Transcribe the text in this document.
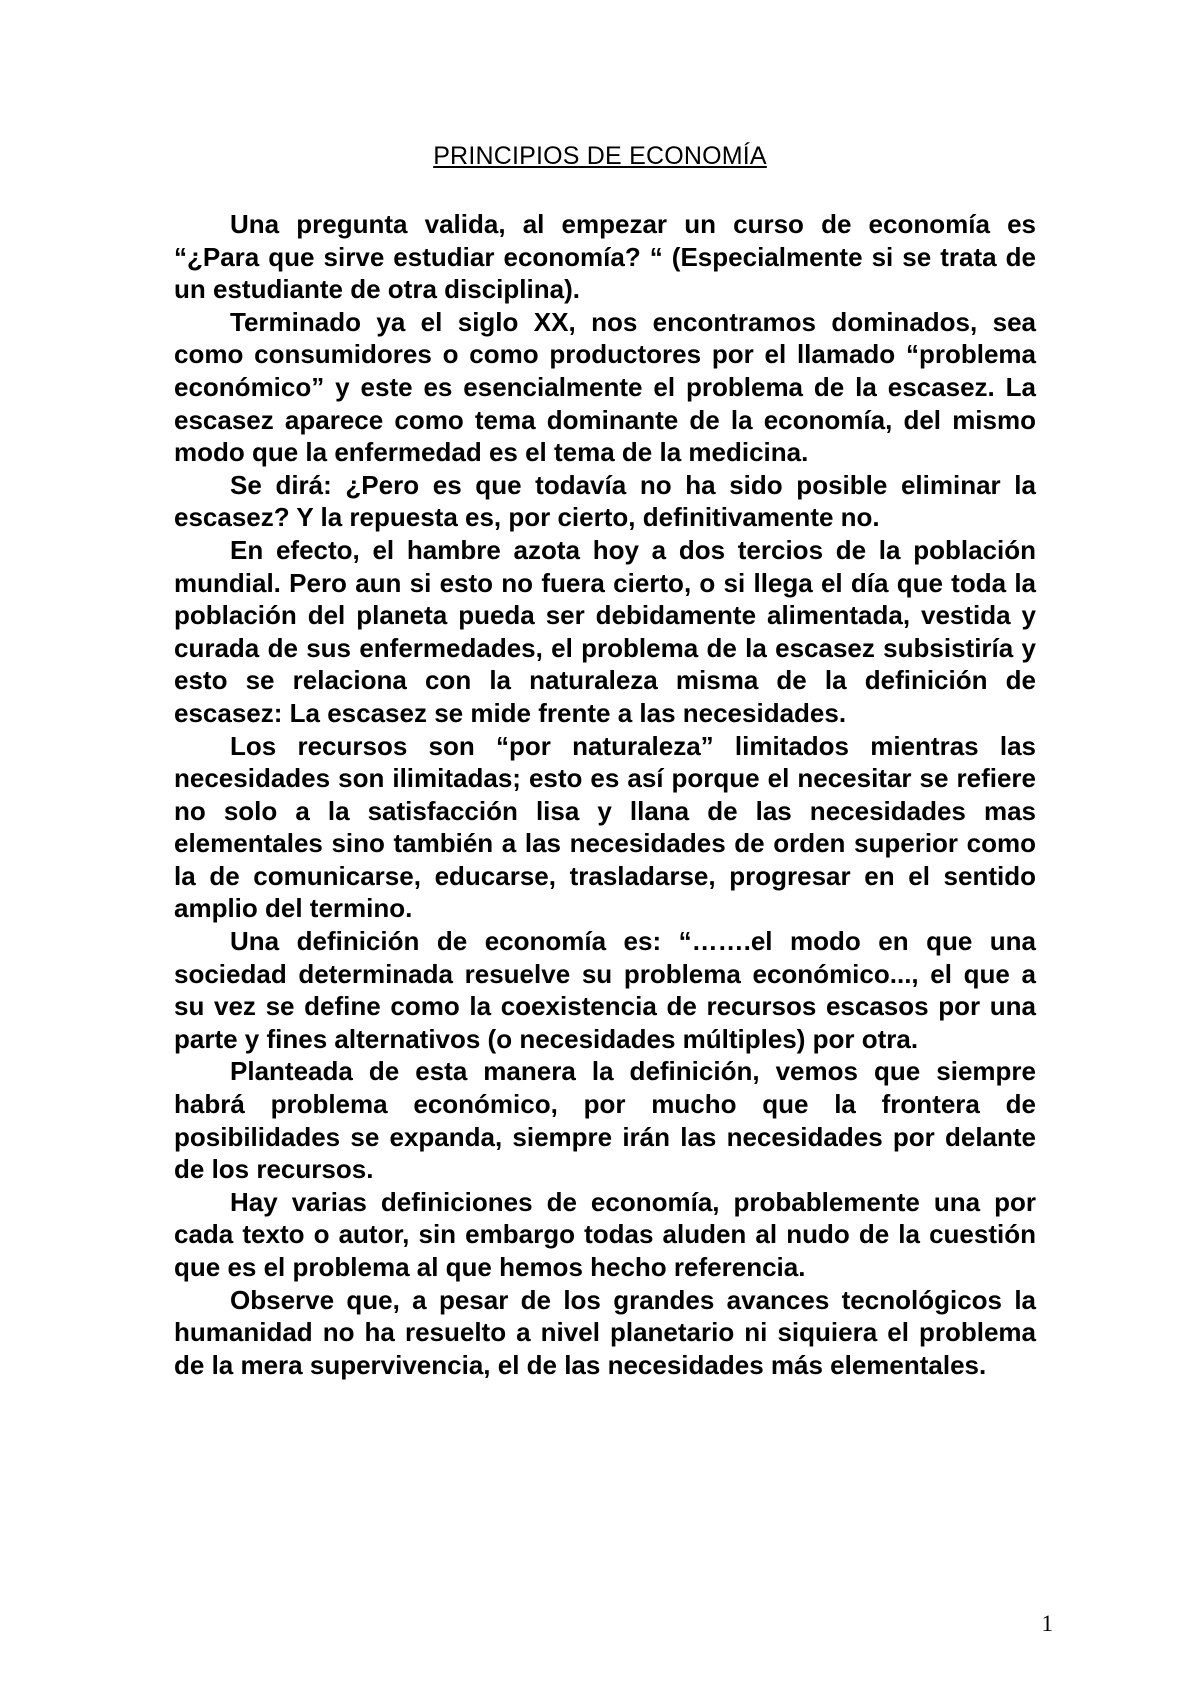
PRINCIPIOS DE ECONOMÍA

Una pregunta valida, al empezar un curso de economía es “¿Para que sirve estudiar economía? “ (Especialmente si se trata de un estudiante de otra disciplina).

Terminado ya el siglo XX, nos encontramos dominados, sea como consumidores o como productores por el llamado “problema económico” y este es esencialmente el problema de la escasez. La escasez aparece como tema dominante de la economía, del mismo modo que la enfermedad es el tema de la medicina.

Se dirá: ¿Pero es que todavía no ha sido posible eliminar la escasez? Y la repuesta es, por cierto, definitivamente no.

En efecto, el hambre azota hoy a dos tercios de la población mundial. Pero aun si esto no fuera cierto, o si llega el día que toda la población del planeta pueda ser debidamente alimentada, vestida y curada de sus enfermedades, el problema de la escasez subsistiría y esto se relaciona con la naturaleza misma de la definición de escasez: La escasez se mide frente a las necesidades.

Los recursos son “por naturaleza” limitados mientras las necesidades son ilimitadas; esto es así porque el necesitar se refiere no solo a la satisfacción lisa y llana de las necesidades mas elementales sino también a las necesidades de orden superior como la de comunicarse, educarse, trasladarse, progresar en el sentido amplio del termino.

Una definición de economía es: “…….el modo en que una sociedad determinada resuelve su problema económico..., el que a su vez se define como la coexistencia de recursos escasos por una parte y fines alternativos (o necesidades múltiples) por otra.

Planteada de esta manera la definición, vemos que siempre habrá problema económico, por mucho que la frontera de posibilidades se expanda, siempre irán las necesidades por delante de los recursos.

Hay varias definiciones de economía, probablemente una por cada texto o autor, sin embargo todas aluden al nudo de la cuestión que es el problema al que hemos hecho referencia.

Observe que, a pesar de los grandes avances tecnológicos la humanidad no ha resuelto a nivel planetario ni siquiera el problema de la mera supervivencia, el de las necesidades más elementales.

1
